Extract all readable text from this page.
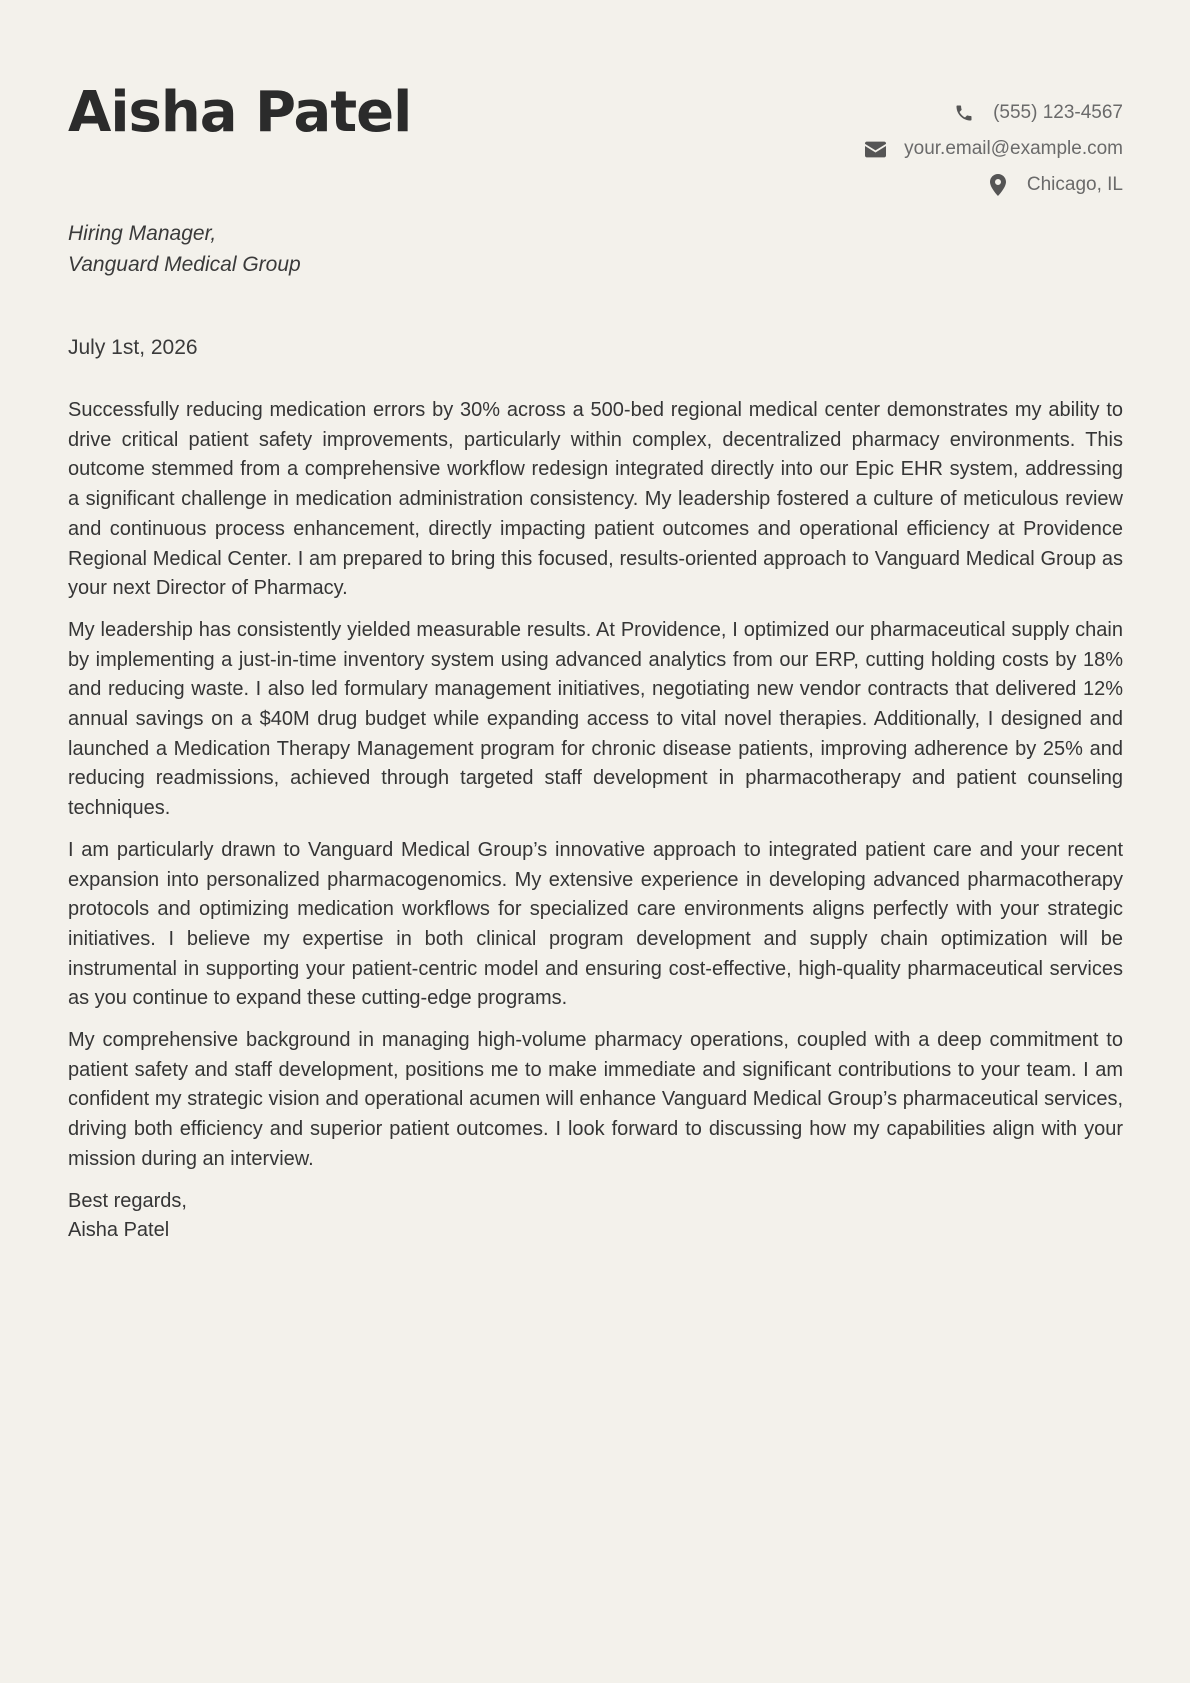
Aisha Patel	(555) 123-4567
your.email@example.com
Chicago, IL
Hiring Manager,
Vanguard Medical Group
July 1st, 2026

Successfully reducing medication errors by 30% across a 500-bed regional medical center demonstrates my ability to drive critical patient safety improvements, particularly within complex, decentralized pharmacy environments. This outcome stemmed from a comprehensive workflow redesign integrated directly into our Epic EHR system, addressing a significant challenge in medication administration consistency. My leadership fostered a culture of meticulous review and continuous process enhancement, directly impacting patient outcomes and operational efficiency at Providence Regional Medical Center. I am prepared to bring this focused, results-oriented approach to Vanguard Medical Group as your next Director of Pharmacy.

My leadership has consistently yielded measurable results. At Providence, I optimized our pharmaceutical supply chain by implementing a just-in-time inventory system using advanced analytics from our ERP, cutting holding costs by 18% and reducing waste. I also led formulary management initiatives, negotiating new vendor contracts that delivered 12% annual savings on a $40M drug budget while expanding access to vital novel therapies. Additionally, I designed and launched a Medication Therapy Management program for chronic disease patients, improving adherence by 25% and reducing readmissions, achieved through targeted staff development in pharmacotherapy and patient counseling techniques.

I am particularly drawn to Vanguard Medical Group’s innovative approach to integrated patient care and your recent expansion into personalized pharmacogenomics. My extensive experience in developing advanced pharmacotherapy protocols and optimizing medication workflows for specialized care environments aligns perfectly with your strategic initiatives. I believe my expertise in both clinical program development and supply chain optimization will be instrumental in supporting your patient-centric model and ensuring cost-effective, high-quality pharmaceutical services as you continue to expand these cutting-edge programs.

My comprehensive background in managing high-volume pharmacy operations, coupled with a deep commitment to patient safety and staff development, positions me to make immediate and significant contributions to your team. I am confident my strategic vision and operational acumen will enhance Vanguard Medical Group’s pharmaceutical services, driving both efficiency and superior patient outcomes. I look forward to discussing how my capabilities align with your mission during an interview.

Best regards,
Aisha Patel
